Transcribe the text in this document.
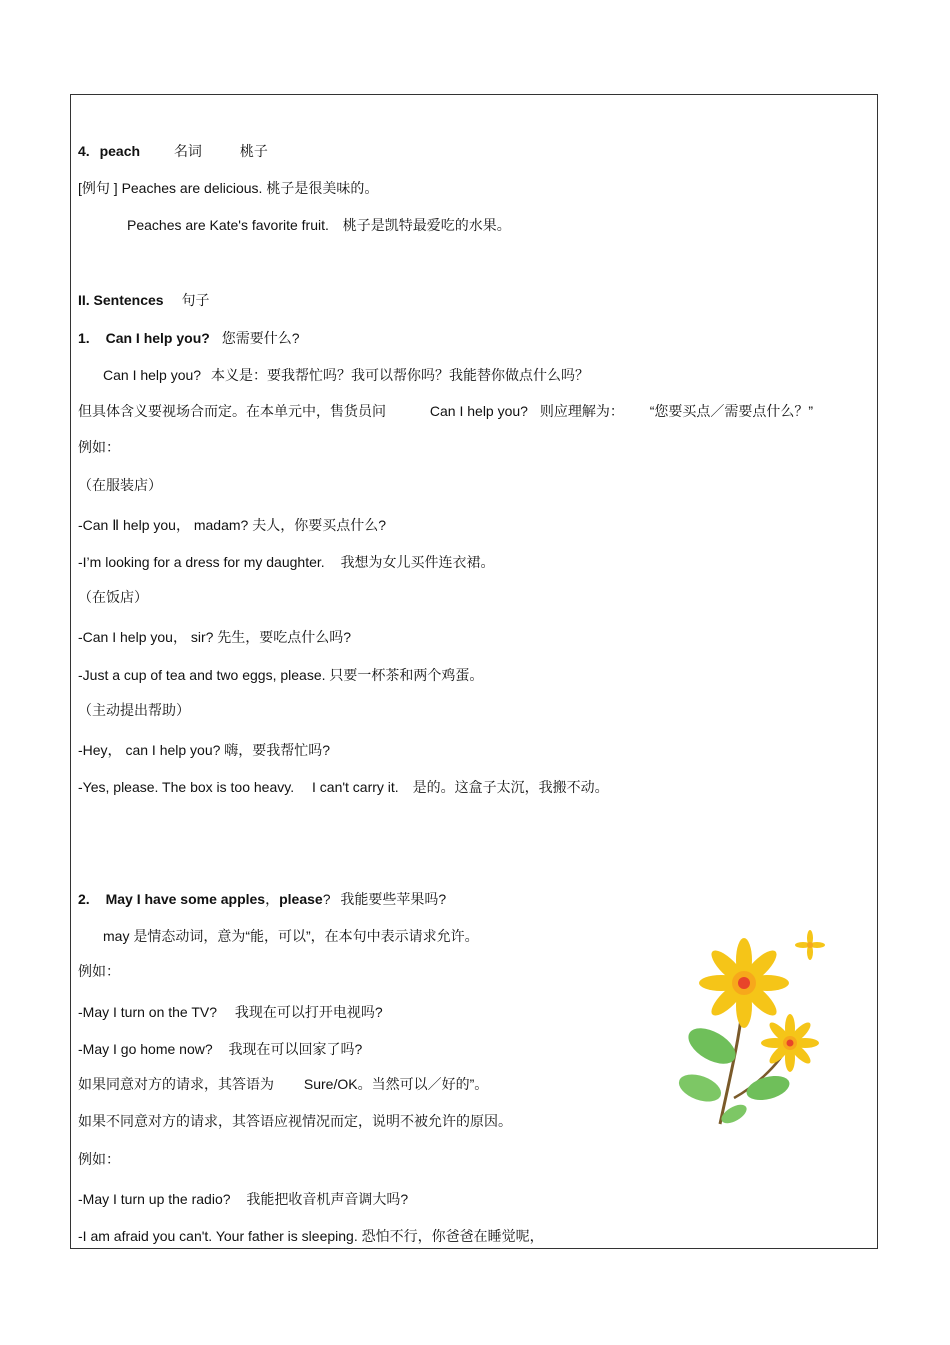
4. peach 名词	桃子
[例句 ] Peaches are delicious. 桃子是很美味的。
Peaches are Kate's favorite fruit. 桃子是凯特最爱吃的水果。
II. Sentences 句子
1. Can I help you? 您需要什么?
Can I help you? 本义是：要我帮忙吗？我可以帮你吗？我能替你做点什么吗？
但具体含义要视场合而定。在本单元中，售货员问	Can I help you? 则应理解为： “您要买点／需要点什么？”
例如：
（在服装店）
-Can Ⅱ help you， madam? 夫人，你要买点什么?
-I’m looking for a dress for my daughter. 我想为女儿买件连衣裙。
（在饭店）
-Can I help you， sir? 先生，要吃点什么吗?
-Just a cup of tea and two eggs, please. 只要一杯茶和两个鸡蛋。
（主动提出帮助）
-Hey， can I help you? 嗨，要我帮忙吗?
-Yes, please. The box is too heavy. I can't carry it. 是的。这盒子太沉，我搬不动。
2. May I have some apples，please? 我能要些苹果吗?
may 是情态动词，意为“能，可以”，在本句中表示请求允许。
例如：
-May I turn on the TV? 我现在可以打开电视吗?
-May I go home now? 我现在可以回家了吗?
如果同意对方的请求，其答语为 Sure/OK。当然可以／好的”。
如果不同意对方的请求，其答语应视情况而定，说明不被允许的原因。
例如：
-May I turn up the radio? 我能把收音机声音调大吗?
-I am afraid you can't. Your father is sleeping. 恐怕不行，你爸爸在睡觉呢，
